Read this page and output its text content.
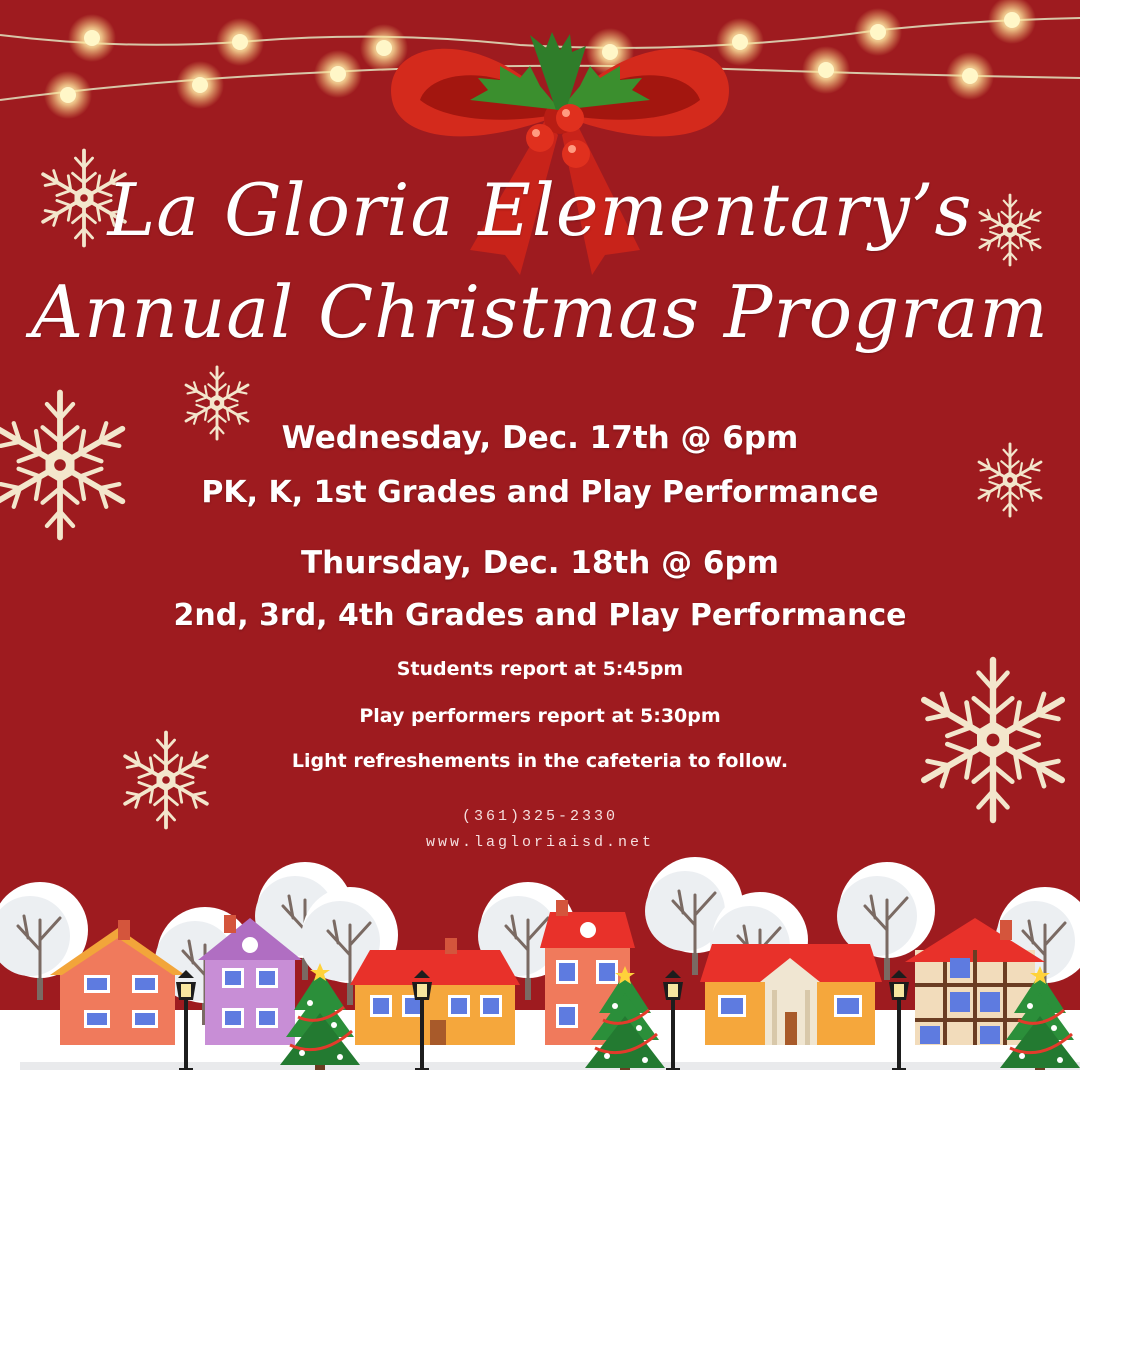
La Gloria Elementary’s
Annual Christmas Program
Wednesday, Dec. 17th @ 6pm
PK, K, 1st Grades and Play Performance
Thursday, Dec. 18th @ 6pm
2nd, 3rd, 4th Grades and Play Performance
Students report at 5:45pm
Play performers report at 5:30pm
Light refreshements in the cafeteria to follow.
(361)325-2330
www.lagloriaisd.net
